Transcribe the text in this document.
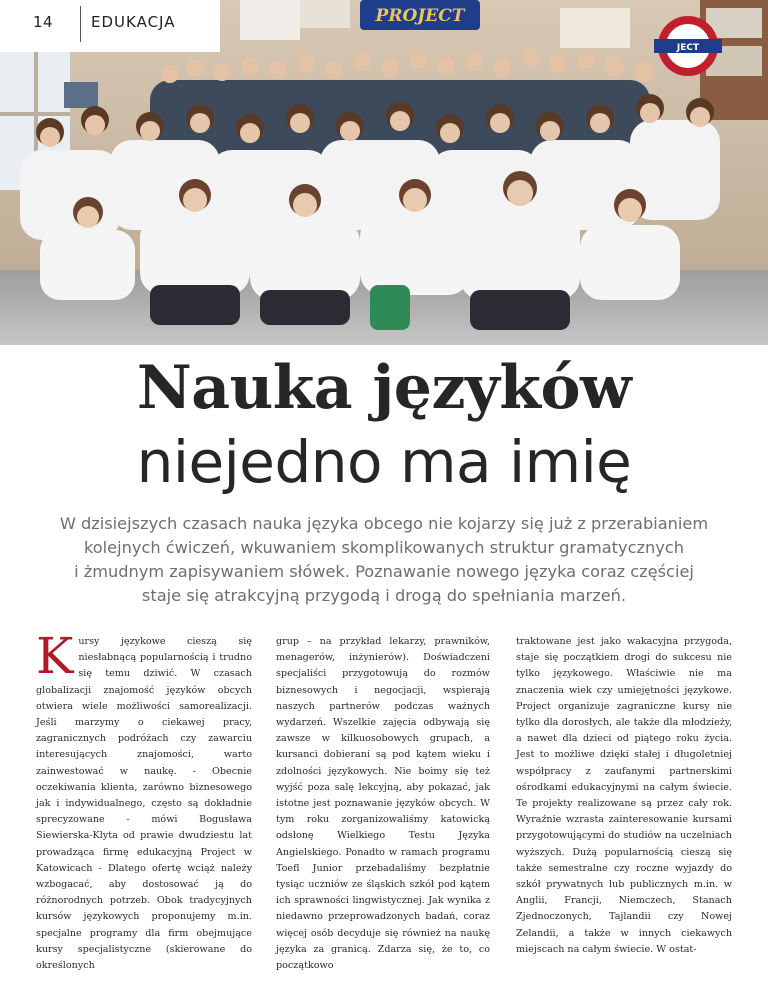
PROJECT
JECT
14	EDUKACJA
Nauka języków
niejedno ma imię

W dzisiejszych czasach nauka języka obcego nie kojarzy się już z przerabianiem
kolejnych ćwiczeń, wkuwaniem skomplikowanych struktur gramatycznych
i żmudnym zapisywaniem słówek. Poznawanie nowego języka coraz częściej
staje się atrakcyjną przygodą i drogą do spełniania marzeń.

K ursy językowe cieszą się niesłabnącą popularnością i trudno się temu dziwić. W czasach globalizacji znajomość języków obcych otwiera wiele możliwości samorealizacji. Jeśli marzymy o ciekawej pracy, zagranicznych podróżach czy zawarciu interesujących znajomości, warto zainwestować w naukę. - Obecnie oczekiwania klienta, zarówno biznesowego jak i indywidualnego, często są dokładnie sprecyzowane - mówi Bogusława Siewierska-Klyta od prawie dwudziestu lat prowadząca firmę edukacyjną Project w Katowicach - Dlatego ofertę wciąż należy wzbogacać, aby dostosować ją do różnorodnych potrzeb. Obok tradycyjnych kursów językowych proponujemy m.in. specjalne programy dla firm obejmujące kursy specjalistyczne (skierowane do określonych

grup – na przykład lekarzy, prawników, menagerów, inżynierów). Doświadczeni specjaliści przygotowują do rozmów biznesowych i negocjacji, wspierają naszych partnerów podczas ważnych wydarzeń. Wszelkie zajęcia odbywają się zawsze w kilkuosobowych grupach, a kursanci dobierani są pod kątem wieku i zdolności językowych. Nie boimy się też wyjść poza salę lekcyjną, aby pokazać, jak istotne jest poznawanie języków obcych. W tym roku zorganizowaliśmy katowicką odsłonę Wielkiego Testu Języka Angielskiego. Ponadto w ramach programu Toefl Junior przebadaliśmy bezpłatnie tysiąc uczniów ze śląskich szkół pod kątem ich sprawności lingwistycznej. Jak wynika z niedawno przeprowadzonych badań, coraz więcej osób decyduje się również na naukę języka za granicą. Zdarza się, że to, co początkowo

traktowane jest jako wakacyjna przygoda, staje się początkiem drogi do sukcesu nie tylko językowego. Właściwie nie ma znaczenia wiek czy umiejętności językowe. Project organizuje zagraniczne kursy nie tylko dla dorosłych, ale także dla młodzieży, a nawet dla dzieci od piątego roku życia. Jest to możliwe dzięki stałej i długoletniej współpracy z zaufanymi partnerskimi ośrodkami edukacyjnymi na całym świecie. Te projekty realizowane są przez cały rok. Wyraźnie wzrasta zainteresowanie kursami przygotowującymi do studiów na uczelniach wyższych. Dużą popularnością cieszą się także semestralne czy roczne wyjazdy do szkół prywatnych lub publicznych m.in. w Anglii, Francji, Niemczech, Stanach Zjednoczonych, Tajlandii czy Nowej Zelandii, a także w innych ciekawych miejscach na całym świecie. W ostat-
